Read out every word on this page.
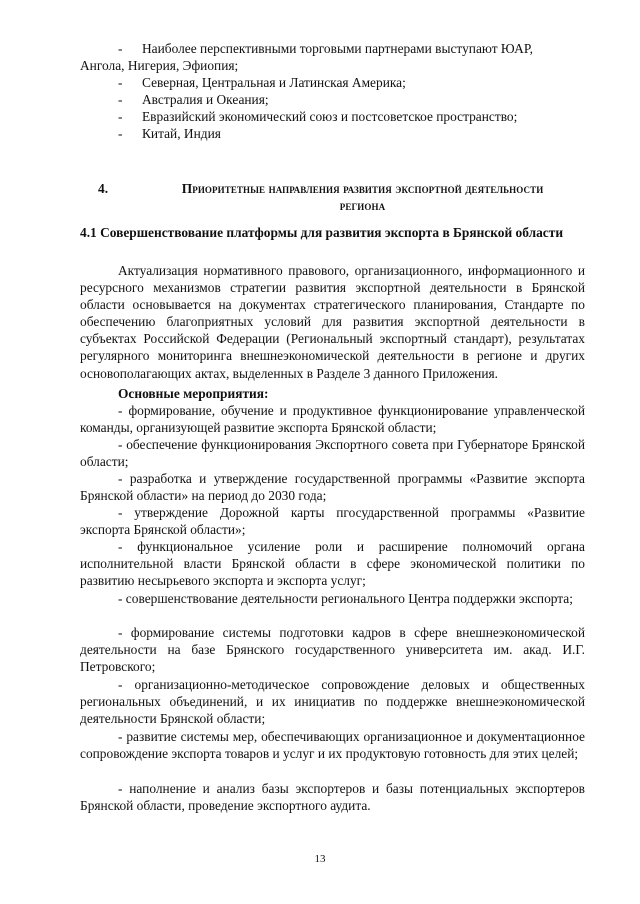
-	Наиболее перспективными торговыми партнерами выступают ЮАР,

Ангола, Нигерия, Эфиопия;

-	Северная, Центральная и Латинская Америка;
-	Австралия и Океания;
-	Евразийский экономический союз и постсоветское пространство;
-	Китай, Индия
4.	Приоритетные направления развития экспортной деятельности
региона

4.1 Совершенствование платформы для развития экспорта в Брянской области

Актуализация нормативного правового, организационного, информационного и ресурсного механизмов стратегии развития экспортной деятельности в Брянской области основывается на документах стратегического планирования, Стандарте по обеспечению благоприятных условий для развития экспортной деятельности в субъектах Российской Федерации (Региональный экспортный стандарт), результатах регулярного мониторинга внешнеэкономической деятельности в регионе и других основополагающих актах, выделенных в Разделе 3 данного Приложения.

Основные мероприятия:

- формирование, обучение и продуктивное функционирование управленческой команды, организующей развитие экспорта Брянской области;

- обеспечение функционирования Экспортного совета при Губернаторе Брянской области;

- разработка и утверждение государственной программы «Развитие экспорта Брянской области» на период до 2030 года;

- утверждение Дорожной карты пгосударственной программы «Развитие экспорта Брянской области»;

- функциональное усиление роли и расширение полномочий органа исполнительной власти Брянской области в сфере экономической политики по развитию несырьевого экспорта и экспорта услуг;

- совершенствование деятельности регионального Центра поддержки экспорта;

- формирование системы подготовки кадров в сфере внешнеэкономической деятельности на базе Брянского государственного университета им. акад. И.Г. Петровского;

- организационно-методическое сопровождение деловых и общественных региональных объединений, и их инициатив по поддержке внешнеэкономической деятельности Брянской области;

- развитие системы мер, обеспечивающих организационное и документационное сопровождение экспорта товаров и услуг и их продуктовую готовность для этих целей;

- наполнение и анализ базы экспортеров и базы потенциальных экспортеров Брянской области, проведение экспортного аудита.

13
